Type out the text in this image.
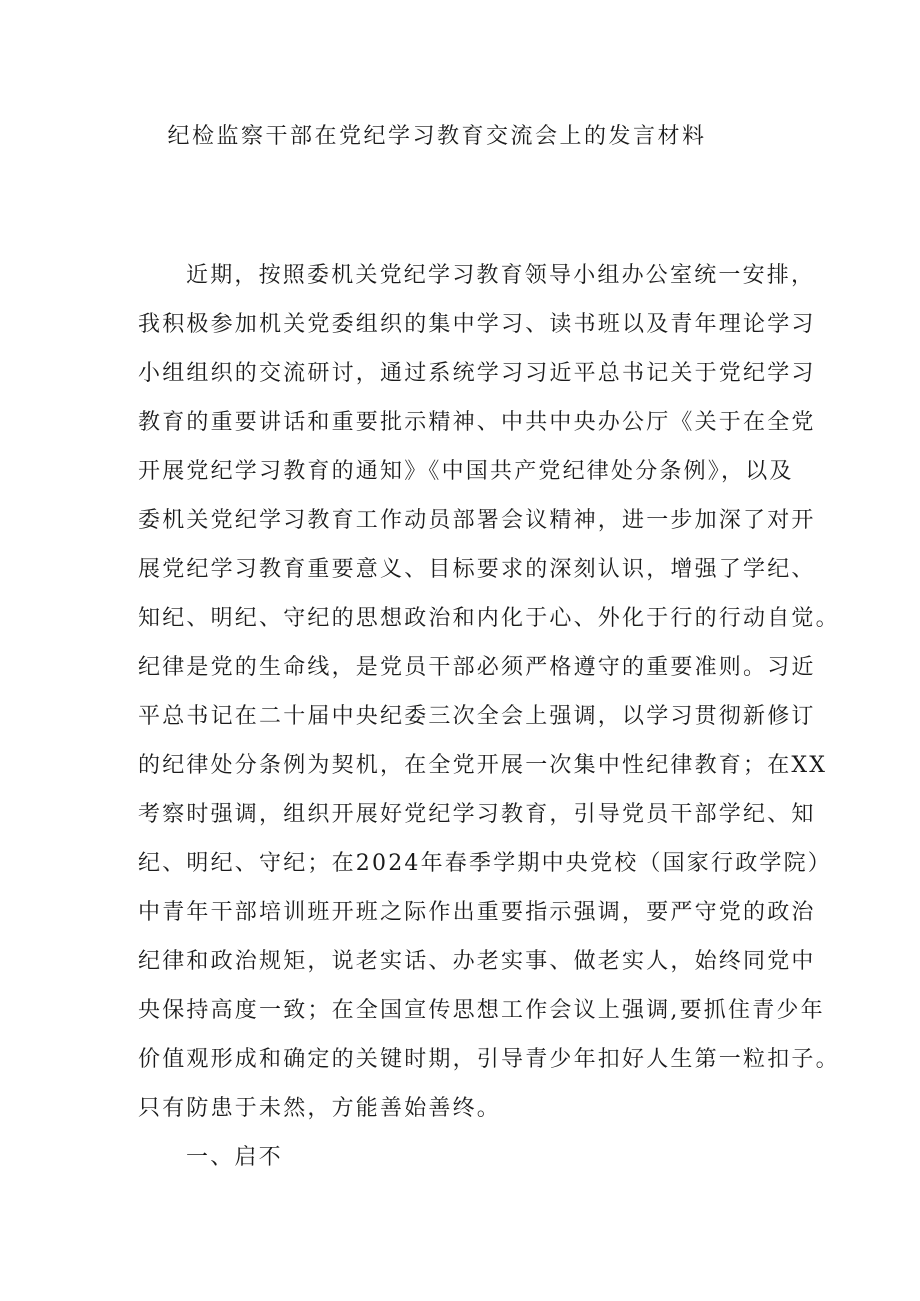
纪检监察干部在党纪学习教育交流会上的发言材料
近期，按照委机关党纪学习教育领导小组办公室统一安排，
我积极参加机关党委组织的集中学习、读书班以及青年理论学习
小组组织的交流研讨，通过系统学习习近平总书记关于党纪学习
教育的重要讲话和重要批示精神、中共中央办公厅《关于在全党
开展党纪学习教育的通知》《中国共产党纪律处分条例》，以及
委机关党纪学习教育工作动员部署会议精神，进一步加深了对开
展党纪学习教育重要意义、目标要求的深刻认识，增强了学纪、
知纪、明纪、守纪的思想政治和内化于心、外化于行的行动自觉。
纪律是党的生命线，是党员干部必须严格遵守的重要准则。习近
平总书记在二十届中央纪委三次全会上强调，以学习贯彻新修订
的纪律处分条例为契机，在全党开展一次集中性纪律教育；在XX
考察时强调，组织开展好党纪学习教育，引导党员干部学纪、知
纪、明纪、守纪；在2024年春季学期中央党校（国家行政学院）
中青年干部培训班开班之际作出重要指示强调，要严守党的政治
纪律和政治规矩，说老实话、办老实事、做老实人，始终同党中
央保持高度一致；在全国宣传思想工作会议上强调,要抓住青少年
价值观形成和确定的关键时期，引导青少年扣好人生第一粒扣子。
只有防患于未然，方能善始善终。
一、启不
